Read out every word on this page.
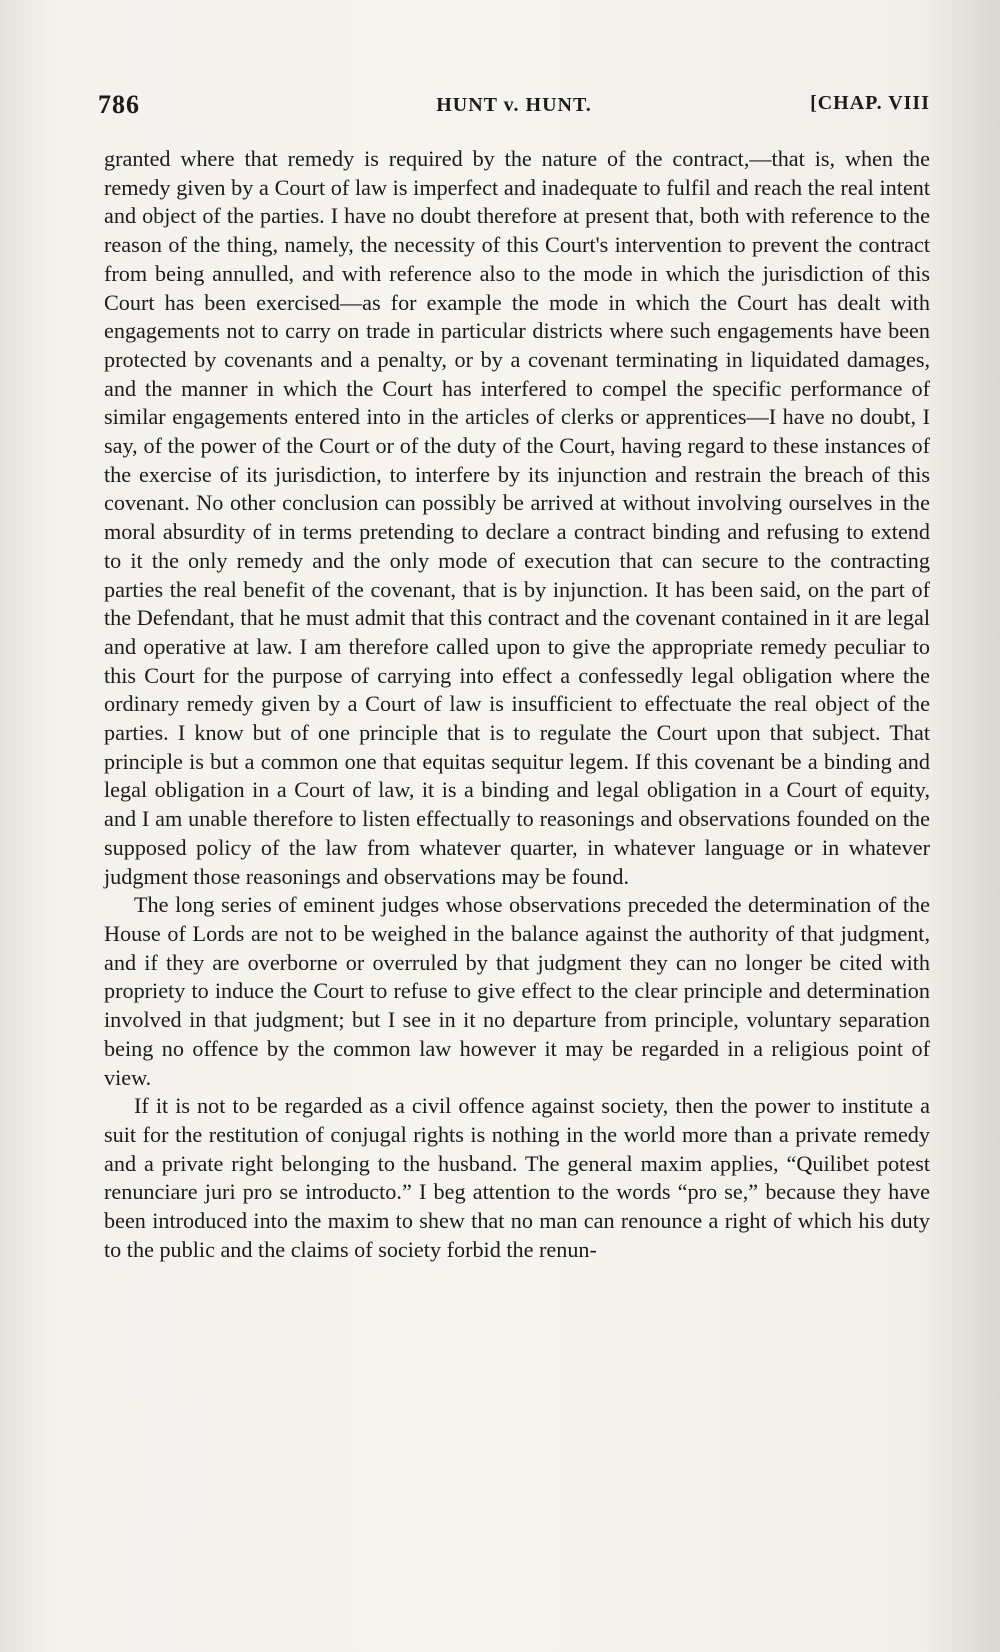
786	HUNT v. HUNT.	[CHAP. VIII

granted where that remedy is required by the nature of the contract,—that is, when the remedy given by a Court of law is imperfect and inadequate to fulfil and reach the real intent and object of the parties. I have no doubt therefore at present that, both with reference to the reason of the thing, namely, the necessity of this Court's intervention to prevent the contract from being annulled, and with reference also to the mode in which the jurisdiction of this Court has been exercised—as for example the mode in which the Court has dealt with engagements not to carry on trade in particular districts where such engagements have been protected by covenants and a penalty, or by a covenant terminating in liquidated damages, and the manner in which the Court has interfered to compel the specific performance of similar engagements entered into in the articles of clerks or apprentices—I have no doubt, I say, of the power of the Court or of the duty of the Court, having regard to these instances of the exercise of its jurisdiction, to interfere by its injunction and restrain the breach of this covenant. No other conclusion can possibly be arrived at without involving ourselves in the moral absurdity of in terms pretending to declare a contract binding and refusing to extend to it the only remedy and the only mode of execution that can secure to the contracting parties the real benefit of the covenant, that is by injunction. It has been said, on the part of the Defendant, that he must admit that this contract and the covenant contained in it are legal and operative at law. I am therefore called upon to give the appropriate remedy peculiar to this Court for the purpose of carrying into effect a confessedly legal obligation where the ordinary remedy given by a Court of law is insufficient to effectuate the real object of the parties. I know but of one principle that is to regulate the Court upon that subject. That principle is but a common one that equitas sequitur legem. If this covenant be a binding and legal obligation in a Court of law, it is a binding and legal obligation in a Court of equity, and I am unable therefore to listen effectually to reasonings and observations founded on the supposed policy of the law from whatever quarter, in whatever language or in whatever judgment those reasonings and observations may be found.

The long series of eminent judges whose observations preceded the determination of the House of Lords are not to be weighed in the balance against the authority of that judgment, and if they are overborne or overruled by that judgment they can no longer be cited with propriety to induce the Court to refuse to give effect to the clear principle and determination involved in that judgment; but I see in it no departure from principle, voluntary separation being no offence by the common law however it may be regarded in a religious point of view.

If it is not to be regarded as a civil offence against society, then the power to institute a suit for the restitution of conjugal rights is nothing in the world more than a private remedy and a private right belonging to the husband. The general maxim applies, “Quilibet potest renunciare juri pro se introducto.” I beg attention to the words “pro se,” because they have been introduced into the maxim to shew that no man can renounce a right of which his duty to the public and the claims of society forbid the renun-
